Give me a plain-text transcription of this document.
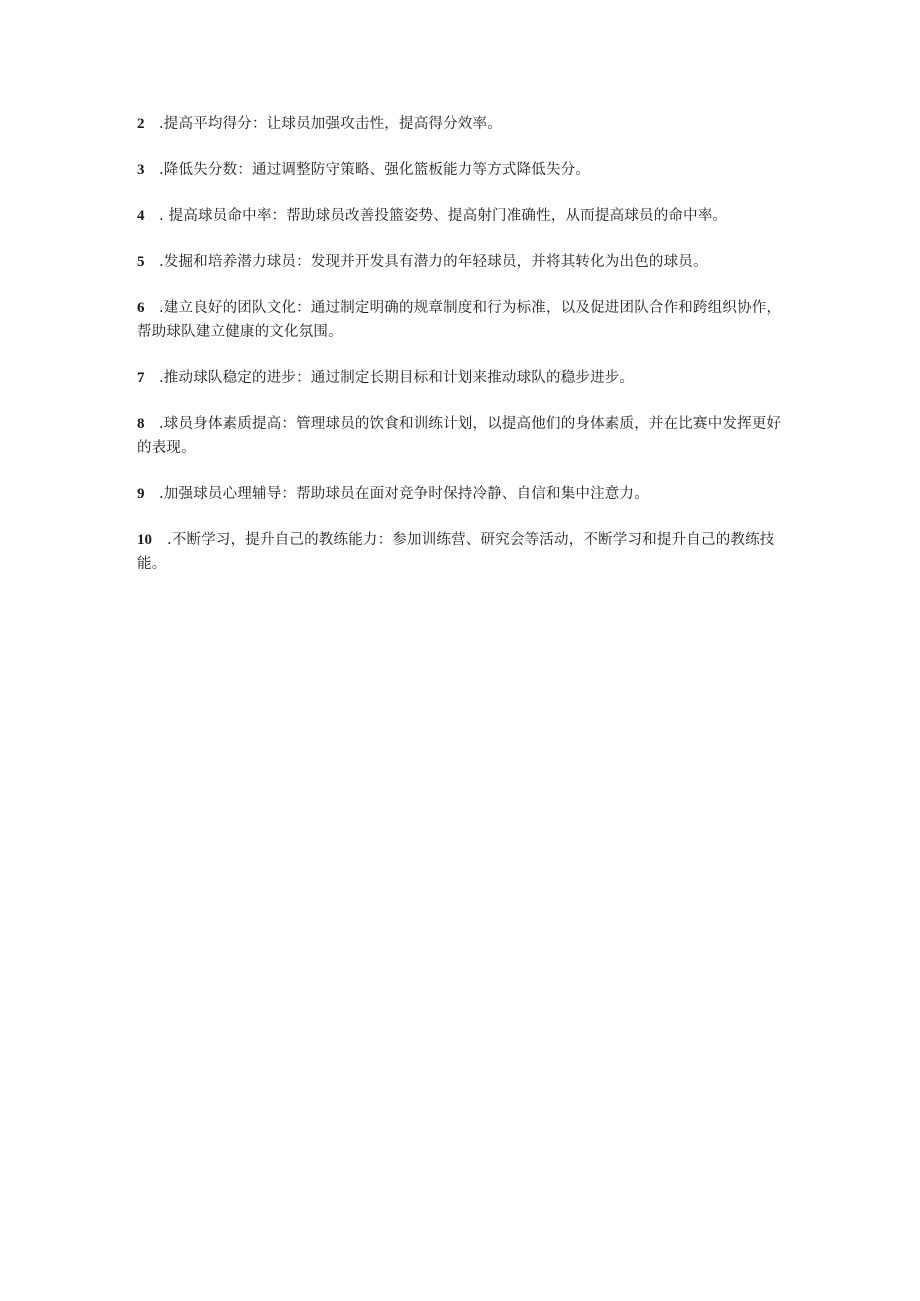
2 .提高平均得分：让球员加强攻击性，提高得分效率。

3 .降低失分数：通过调整防守策略、强化篮板能力等方式降低失分。

4 . 提高球员命中率：帮助球员改善投篮姿势、提高射门准确性，从而提高球员的命中率。

5 .发掘和培养潜力球员：发现并开发具有潜力的年轻球员，并将其转化为出色的球员。

6 .建立良好的团队文化：通过制定明确的规章制度和行为标准，以及促进团队合作和跨组织协作，帮助球队建立健康的文化氛围。

7 .推动球队稳定的进步：通过制定长期目标和计划来推动球队的稳步进步。

8 .球员身体素质提高：管理球员的饮食和训练计划，以提高他们的身体素质，并在比赛中发挥更好的表现。

9 .加强球员心理辅导：帮助球员在面对竞争时保持冷静、自信和集中注意力。

10 .不断学习，提升自己的教练能力：参加训练营、研究会等活动，不断学习和提升自己的教练技能。
